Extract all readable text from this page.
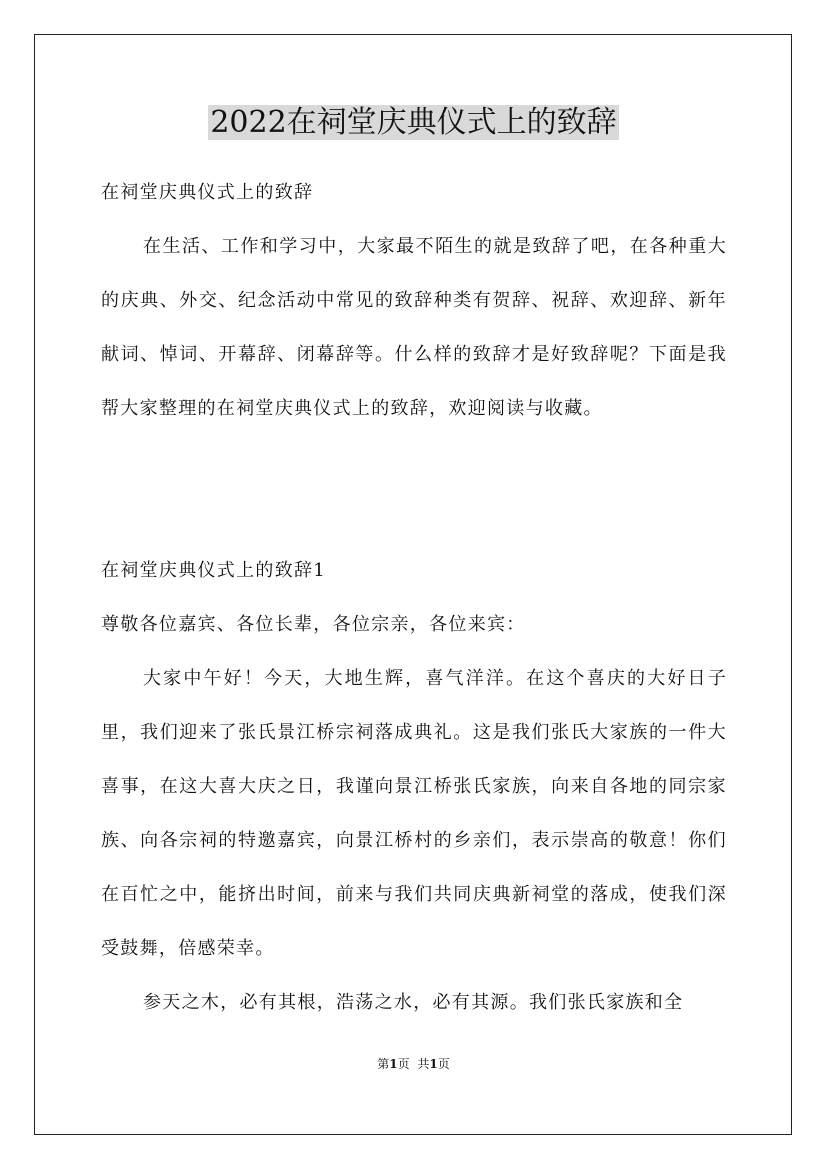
2022在祠堂庆典仪式上的致辞

在祠堂庆典仪式上的致辞

在生活、工作和学习中，大家最不陌生的就是致辞了吧，在各种重大的庆典、外交、纪念活动中常见的致辞种类有贺辞、祝辞、欢迎辞、新年献词、悼词、开幕辞、闭幕辞等。什么样的致辞才是好致辞呢？下面是我帮大家整理的在祠堂庆典仪式上的致辞，欢迎阅读与收藏。

在祠堂庆典仪式上的致辞1

尊敬各位嘉宾、各位长辈，各位宗亲，各位来宾：

大家中午好！今天，大地生辉，喜气洋洋。在这个喜庆的大好日子里，我们迎来了张氏景江桥宗祠落成典礼。这是我们张氏大家族的一件大喜事，在这大喜大庆之日，我谨向景江桥张氏家族，向来自各地的同宗家族、向各宗祠的特邀嘉宾，向景江桥村的乡亲们，表示崇高的敬意！你们在百忙之中，能挤出时间，前来与我们共同庆典新祠堂的落成，使我们深受鼓舞，倍感荣幸。

参天之木，必有其根，浩荡之水，必有其源。我们张氏家族和全

第1页 共1页
